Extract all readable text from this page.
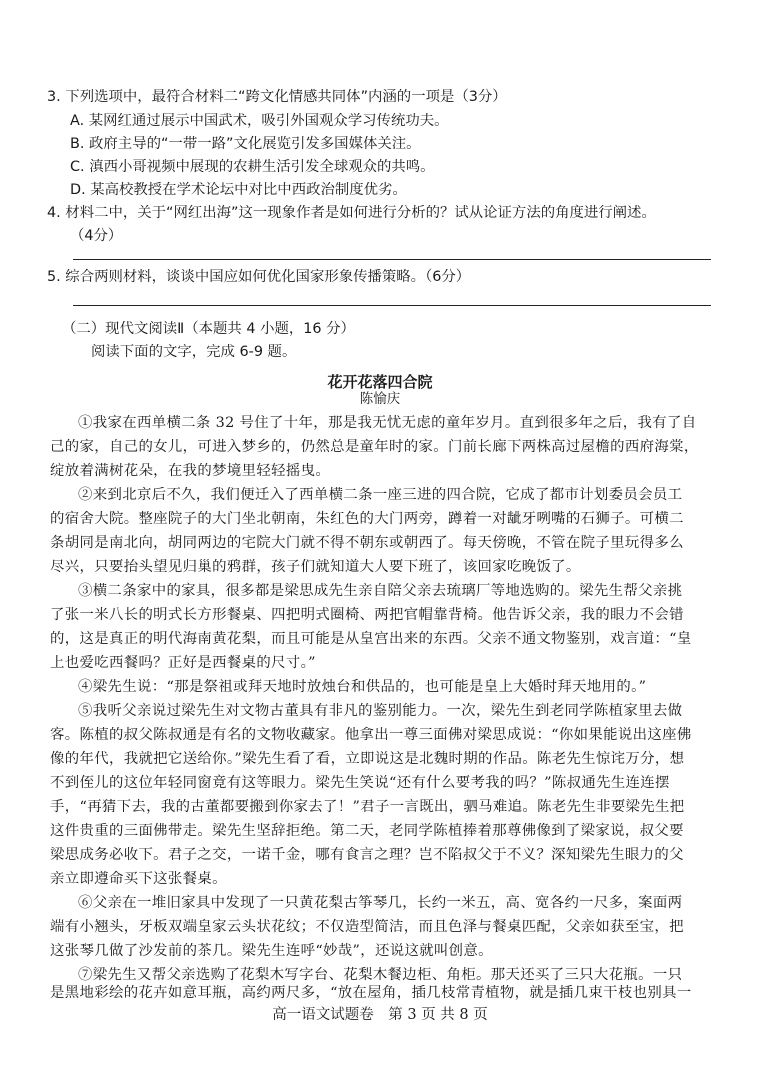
3. 下列选项中，最符合材料二“跨文化情感共同体”内涵的一项是（3分）
A. 某网红通过展示中国武术，吸引外国观众学习传统功夫。
B. 政府主导的“一带一路”文化展览引发多国媒体关注。
C. 滇西小哥视频中展现的农耕生活引发全球观众的共鸣。
D. 某高校教授在学术论坛中对比中西政治制度优劣。
4. 材料二中，关于“网红出海”这一现象作者是如何进行分析的？试从论证方法的角度进行阐述。
（4分）
5. 综合两则材料，谈谈中国应如何优化国家形象传播策略。（6分）
（二）现代文阅读Ⅱ（本题共 4 小题，16 分）
阅读下面的文字，完成 6-9 题。
花开花落四合院
陈愉庆
①我家在西单横二条 32 号住了十年，那是我无忧无虑的童年岁月。直到很多年之后，我有了自
己的家，自己的女儿，可进入梦乡的，仍然总是童年时的家。门前长廊下两株高过屋檐的西府海棠，
绽放着满树花朵，在我的梦境里轻轻摇曳。
②来到北京后不久，我们便迁入了西单横二条一座三进的四合院，它成了都市计划委员会员工
的宿舍大院。整座院子的大门坐北朝南，朱红色的大门两旁，蹲着一对龇牙咧嘴的石狮子。可横二
条胡同是南北向，胡同两边的宅院大门就不得不朝东或朝西了。每天傍晚，不管在院子里玩得多么
尽兴，只要抬头望见归巢的鸦群，孩子们就知道大人要下班了，该回家吃晚饭了。
③横二条家中的家具，很多都是梁思成先生亲自陪父亲去琉璃厂等地选购的。梁先生帮父亲挑
了张一米八长的明式长方形餐桌、四把明式圈椅、两把官帽靠背椅。他告诉父亲，我的眼力不会错
的，这是真正的明代海南黄花梨，而且可能是从皇宫出来的东西。父亲不通文物鉴别，戏言道：“皇
上也爱吃西餐吗？正好是西餐桌的尺寸。”
④梁先生说：“那是祭祖或拜天地时放烛台和供品的，也可能是皇上大婚时拜天地用的。”
⑤我听父亲说过梁先生对文物古董具有非凡的鉴别能力。一次，梁先生到老同学陈植家里去做
客。陈植的叔父陈叔通是有名的文物收藏家。他拿出一尊三面佛对梁思成说：“你如果能说出这座佛
像的年代，我就把它送给你。”梁先生看了看，立即说这是北魏时期的作品。陈老先生惊诧万分，想
不到侄儿的这位年轻同窗竟有这等眼力。梁先生笑说“还有什么要考我的吗？”陈叔通先生连连摆
手，“再猜下去，我的古董都要搬到你家去了！”君子一言既出，驷马难追。陈老先生非要梁先生把
这件贵重的三面佛带走。梁先生坚辞拒绝。第二天，老同学陈植捧着那尊佛像到了梁家说，叔父要
梁思成务必收下。君子之交，一诺千金，哪有食言之理？岂不陷叔父于不义？深知梁先生眼力的父
亲立即遵命买下这张餐桌。
⑥父亲在一堆旧家具中发现了一只黄花梨古筝琴几，长约一米五，高、宽各约一尺多，案面两
端有小翘头，牙板双端皇家云头状花纹；不仅造型简洁，而且色泽与餐桌匹配，父亲如获至宝，把
这张琴几做了沙发前的茶几。梁先生连呼“妙哉”，还说这就叫创意。
⑦梁先生又帮父亲选购了花梨木写字台、花梨木餐边柜、角柜。那天还买了三只大花瓶。一只
是黑地彩绘的花卉如意耳瓶，高约两尺多，“放在屋角，插几枝常青植物，就是插几束干枝也别具一
高一语文试题卷　第 3 页 共 8 页
